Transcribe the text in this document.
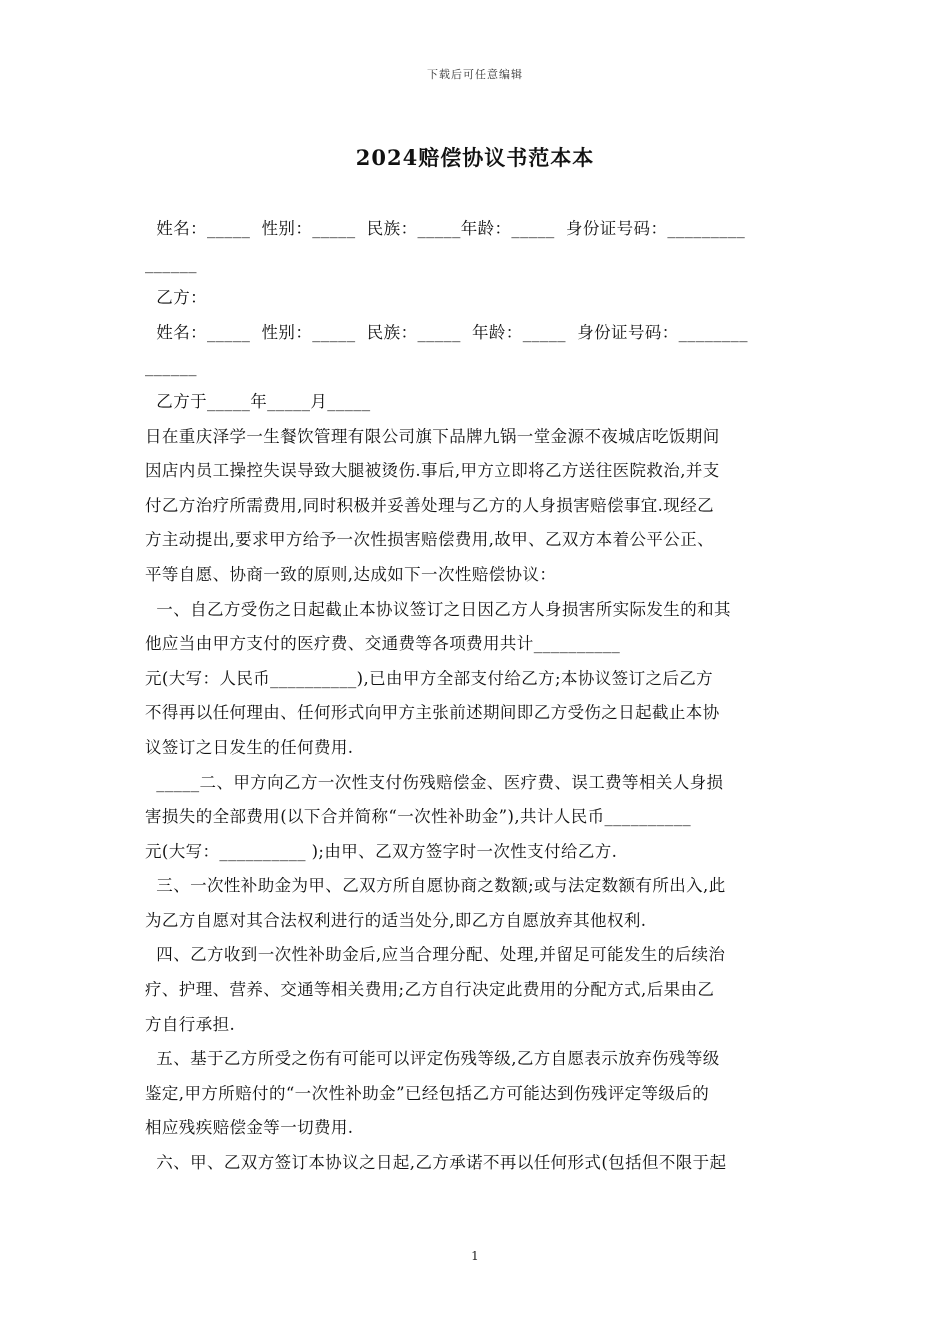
下载后可任意编辑
2024赔偿协议书范本本
姓名：_____  性别：_____  民族：_____年龄：_____  身份证号码：_________
______
乙方：
姓名：_____  性别：_____  民族：_____  年龄：_____  身份证号码：________
______
乙方于_____年_____月_____
日在重庆泽学一生餐饮管理有限公司旗下品牌九锅一堂金源不夜城店吃饭期间
因店内员工操控失误导致大腿被烫伤.事后,甲方立即将乙方送往医院救治,并支
付乙方治疗所需费用,同时积极并妥善处理与乙方的人身损害赔偿事宜.现经乙
方主动提出,要求甲方给予一次性损害赔偿费用,故甲、乙双方本着公平公正、
平等自愿、协商一致的原则,达成如下一次性赔偿协议：
一、自乙方受伤之日起截止本协议签订之日因乙方人身损害所实际发生的和其
他应当由甲方支付的医疗费、交通费等各项费用共计__________
元(大写：人民币__________),已由甲方全部支付给乙方;本协议签订之后乙方
不得再以任何理由、任何形式向甲方主张前述期间即乙方受伤之日起截止本协
议签订之日发生的任何费用.
_____二、甲方向乙方一次性支付伤残赔偿金、医疗费、误工费等相关人身损
害损失的全部费用(以下合并简称“一次性补助金”),共计人民币__________
元(大写：__________ );由甲、乙双方签字时一次性支付给乙方.
三、一次性补助金为甲、乙双方所自愿协商之数额;或与法定数额有所出入,此
为乙方自愿对其合法权利进行的适当处分,即乙方自愿放弃其他权利.
四、乙方收到一次性补助金后,应当合理分配、处理,并留足可能发生的后续治
疗、护理、营养、交通等相关费用;乙方自行决定此费用的分配方式,后果由乙
方自行承担.
五、基于乙方所受之伤有可能可以评定伤残等级,乙方自愿表示放弃伤残等级
鉴定,甲方所赔付的“一次性补助金”已经包括乙方可能达到伤残评定等级后的
相应残疾赔偿金等一切费用.
六、甲、乙双方签订本协议之日起,乙方承诺不再以任何形式(包括但不限于起
1
